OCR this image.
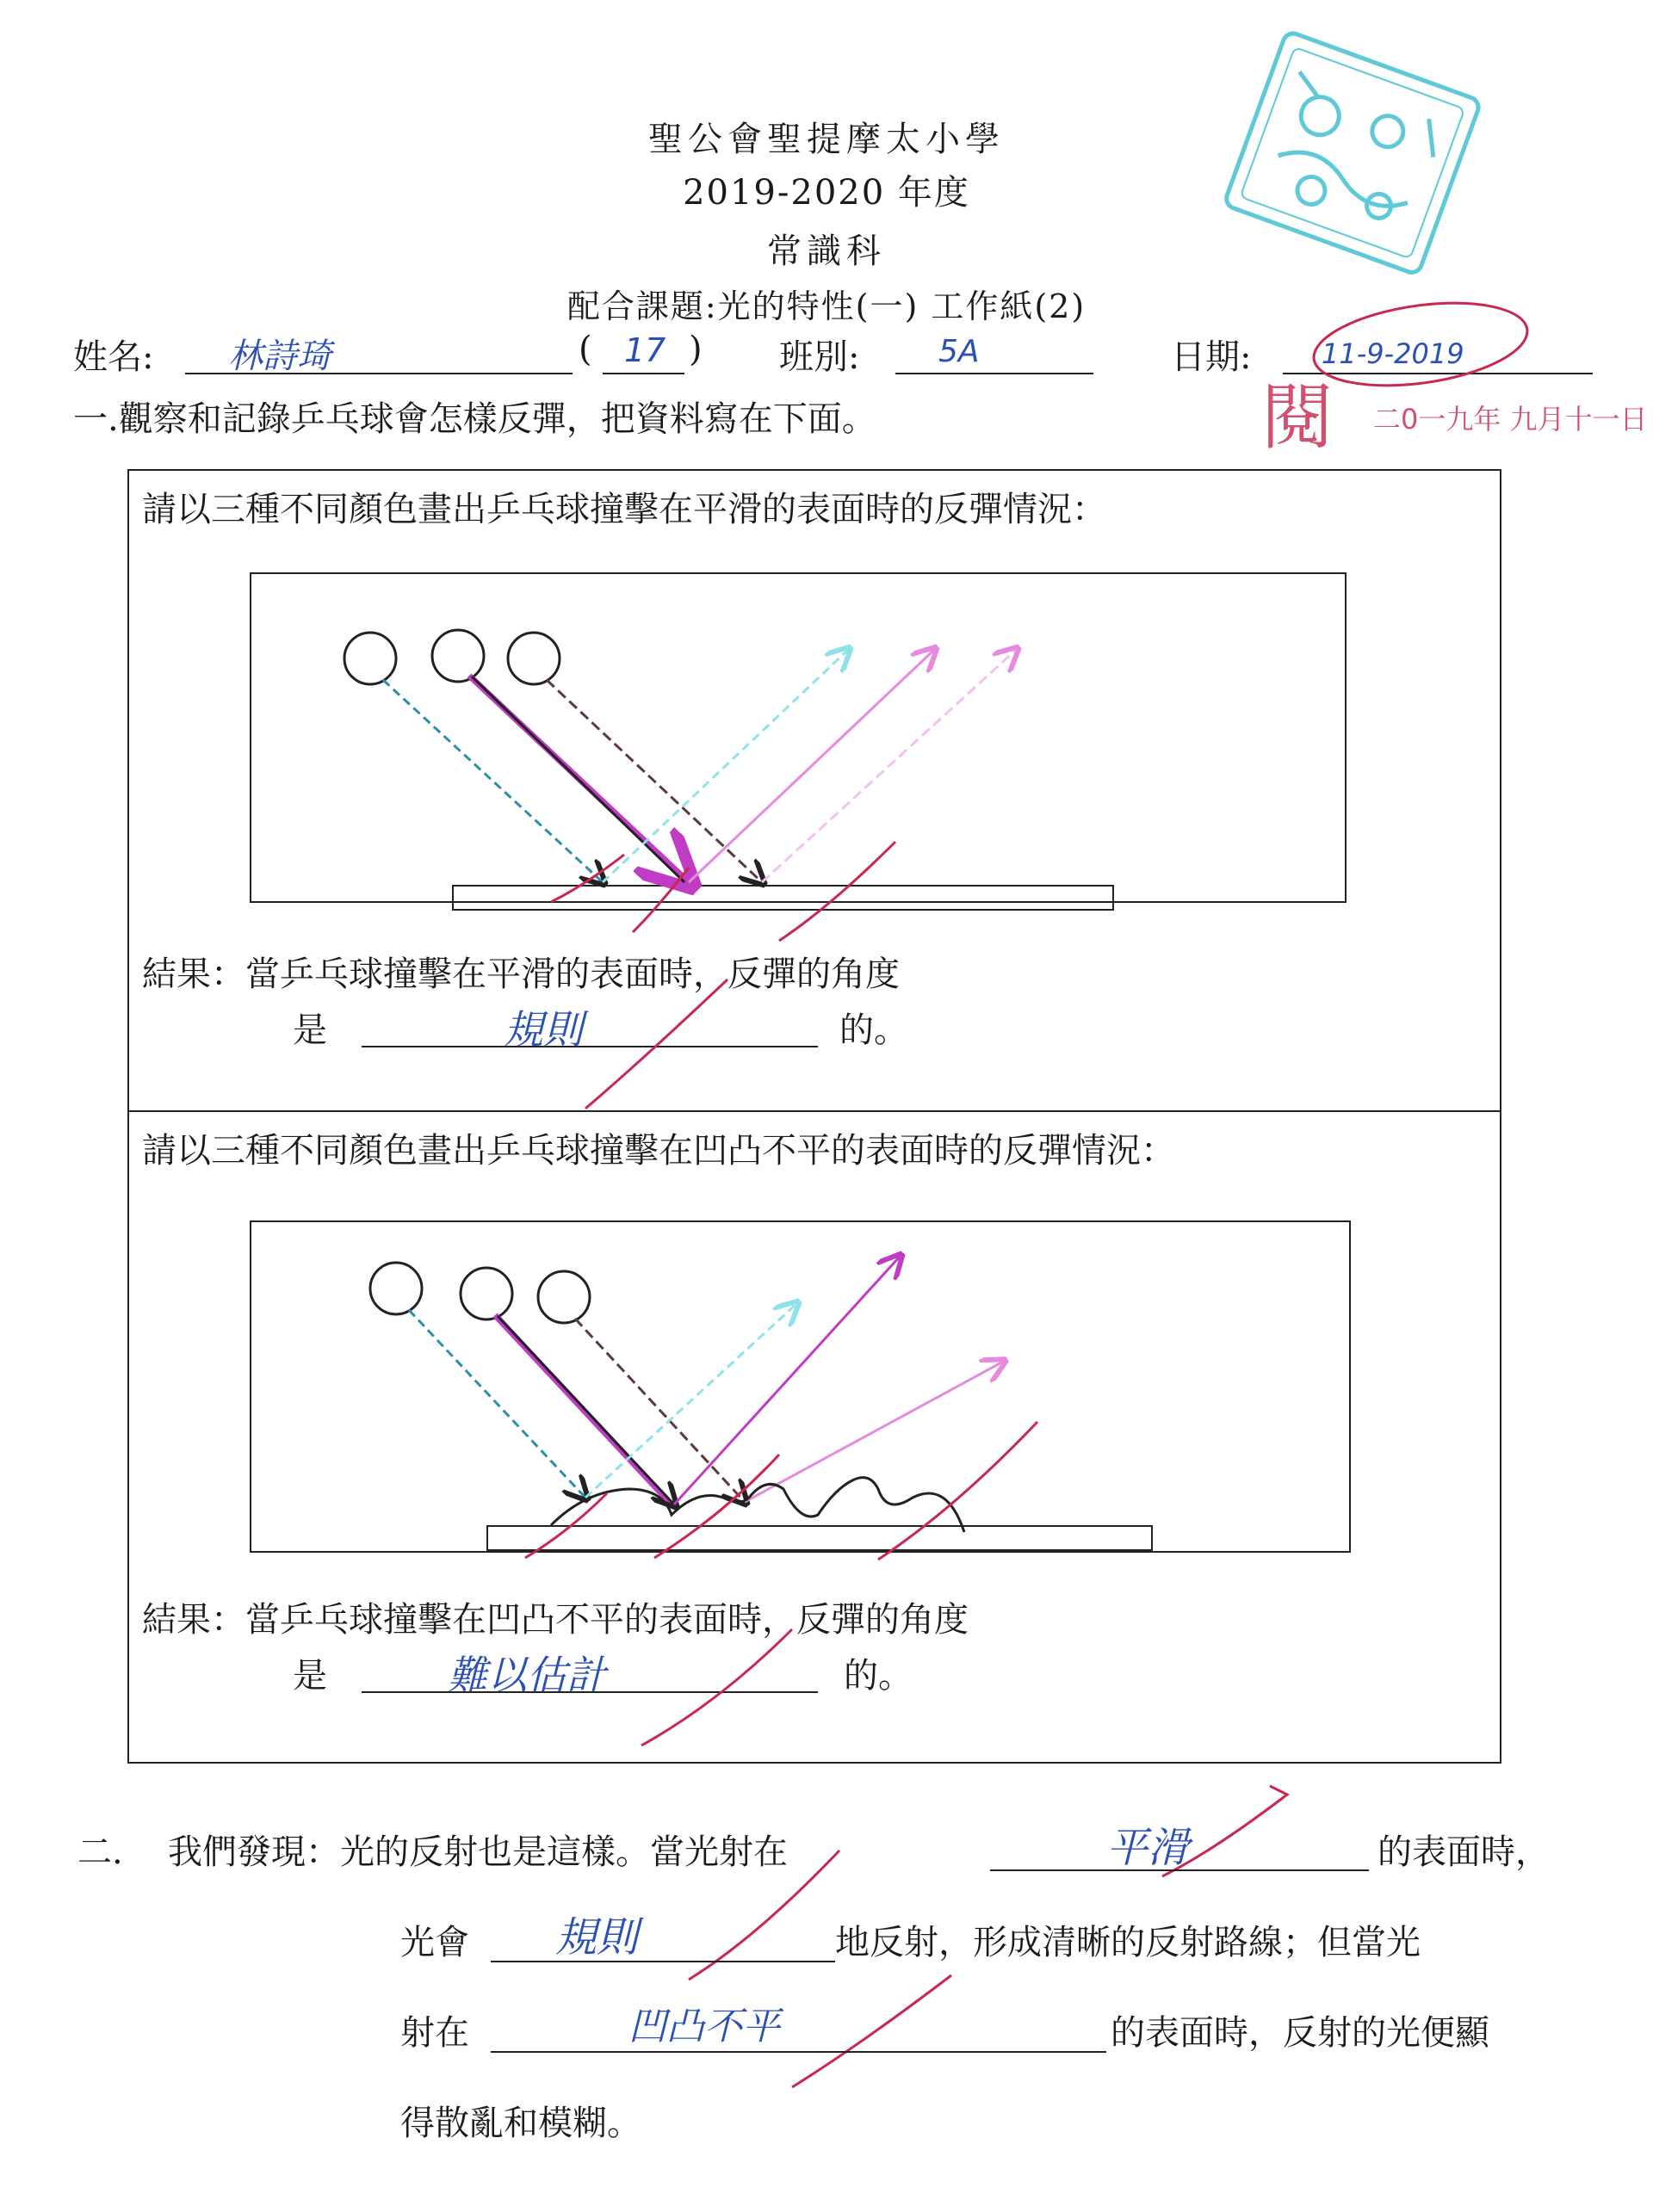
聖公會聖提摩太小學
2019-2020 年度
常識科
配合課題:光的特性(一) 工作紙(2)
姓名: 林詩琦	( 17 ) 班別:	5A	日期:	11-9-2019
閱 二0一九年 九月十一日
一.觀察和記錄乒乓球會怎樣反彈，把資料寫在下面。
請以三種不同顏色畫出乒乓球撞擊在平滑的表面時的反彈情況：
結果：當乒乓球撞擊在平滑的表面時，反彈的角度
是	規則	的。
請以三種不同顏色畫出乒乓球撞擊在凹凸不平的表面時的反彈情況：
結果：當乒乓球撞擊在凹凸不平的表面時，反彈的角度
是	難以估計	的。
二. 我們發現：光的反射也是這樣。當光射在	平滑	的表面時，
光會 規則	地反射，形成清晰的反射路線；但當光
射在	凹凸不平	的表面時，反射的光便顯
得散亂和模糊。
